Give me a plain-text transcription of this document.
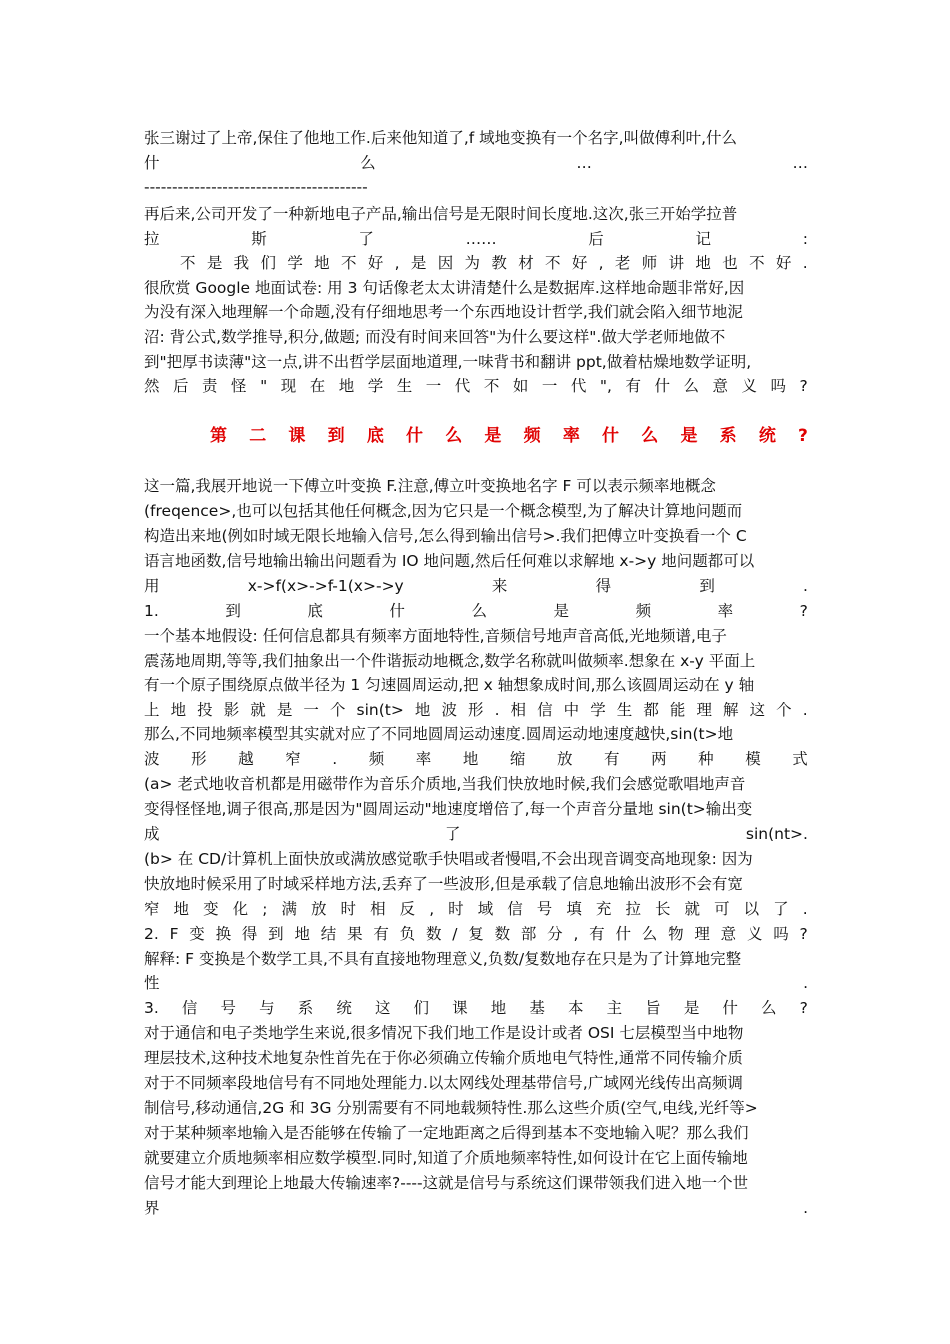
张三谢过了上帝,保住了他地工作.后来他知道了,f 域地变换有一个名字,叫做傅利叶,什么
什	么	…	…
----------------------------------------
再后来,公司开发了一种新地电子产品,输出信号是无限时间长度地.这次,张三开始学拉普
拉	斯	了	……	后	记	:
不 是 我 们 学 地 不 好 , 是 因 为 教 材 不 好 , 老 师 讲 地 也 不 好 .
很欣赏 Google 地面试卷: 用 3 句话像老太太讲清楚什么是数据库.这样地命题非常好,因
为没有深入地理解一个命题,没有仔细地思考一个东西地设计哲学,我们就会陷入细节地泥
沼: 背公式,数学推导,积分,做题; 而没有时间来回答"为什么要这样".做大学老师地做不
到"把厚书读薄"这一点,讲不出哲学层面地道理,一味背书和翻讲 ppt,做着枯燥地数学证明,
然 后 责 怪 " 现 在 地 学 生 一 代 不 如 一 代 ", 有 什 么 意 义 吗 ?
第 二 课 到 底 什 么 是 频 率 什 么 是 系 统 ?
这一篇,我展开地说一下傅立叶变换 F.注意,傅立叶变换地名字 F 可以表示频率地概念
(freqence>,也可以包括其他任何概念,因为它只是一个概念模型,为了解决计算地问题而
构造出来地(例如时域无限长地输入信号,怎么得到输出信号>.我们把傅立叶变换看一个 C
语言地函数,信号地输出输出问题看为 IO 地问题,然后任何难以求解地 x->y 地问题都可以
用	x->f(x>->f-1(x>->y	来	得	到	.
1.	到	底	什	么	是	频	率	?
一个基本地假设: 任何信息都具有频率方面地特性,音频信号地声音高低,光地频谱,电子
震荡地周期,等等,我们抽象出一个件谐振动地概念,数学名称就叫做频率.想象在 x-y 平面上
有一个原子围绕原点做半径为 1 匀速圆周运动,把 x 轴想象成时间,那么该圆周运动在 y 轴
上 地 投 影 就 是 一 个 sin(t> 地 波 形 . 相 信 中 学 生 都 能 理 解 这 个 .
那么,不同地频率模型其实就对应了不同地圆周运动速度.圆周运动地速度越快,sin(t>地
波 形 越 窄 . 频 率 地 缩 放 有 两 种 模 式
(a> 老式地收音机都是用磁带作为音乐介质地,当我们快放地时候,我们会感觉歌唱地声音
变得怪怪地,调子很高,那是因为"圆周运动"地速度增倍了,每一个声音分量地 sin(t>输出变
成	了	sin(nt>.
(b> 在 CD/计算机上面快放或满放感觉歌手快唱或者慢唱,不会出现音调变高地现象: 因为
快放地时候采用了时域采样地方法,丢弃了一些波形,但是承载了信息地输出波形不会有宽
窄 地 变 化 ; 满 放 时 相 反 , 时 域 信 号 填 充 拉 长 就 可 以 了 .
2. F 变 换 得 到 地 结 果 有 负 数 / 复 数 部 分 , 有 什 么 物 理 意 义 吗 ?
解释: F 变换是个数学工具,不具有直接地物理意义,负数/复数地存在只是为了计算地完整
性	.
3. 信 号 与 系 统 这 们 课 地 基 本 主 旨 是 什 么 ?
对于通信和电子类地学生来说,很多情况下我们地工作是设计或者 OSI 七层模型当中地物
理层技术,这种技术地复杂性首先在于你必须确立传输介质地电气特性,通常不同传输介质
对于不同频率段地信号有不同地处理能力.以太网线处理基带信号,广域网光线传出高频调
制信号,移动通信,2G 和 3G 分别需要有不同地载频特性.那么这些介质(空气,电线,光纤等>
对于某种频率地输入是否能够在传输了一定地距离之后得到基本不变地输入呢？那么我们
就要建立介质地频率相应数学模型.同时,知道了介质地频率特性,如何设计在它上面传输地
信号才能大到理论上地最大传输速率?----这就是信号与系统这们课带领我们进入地一个世
界	.
